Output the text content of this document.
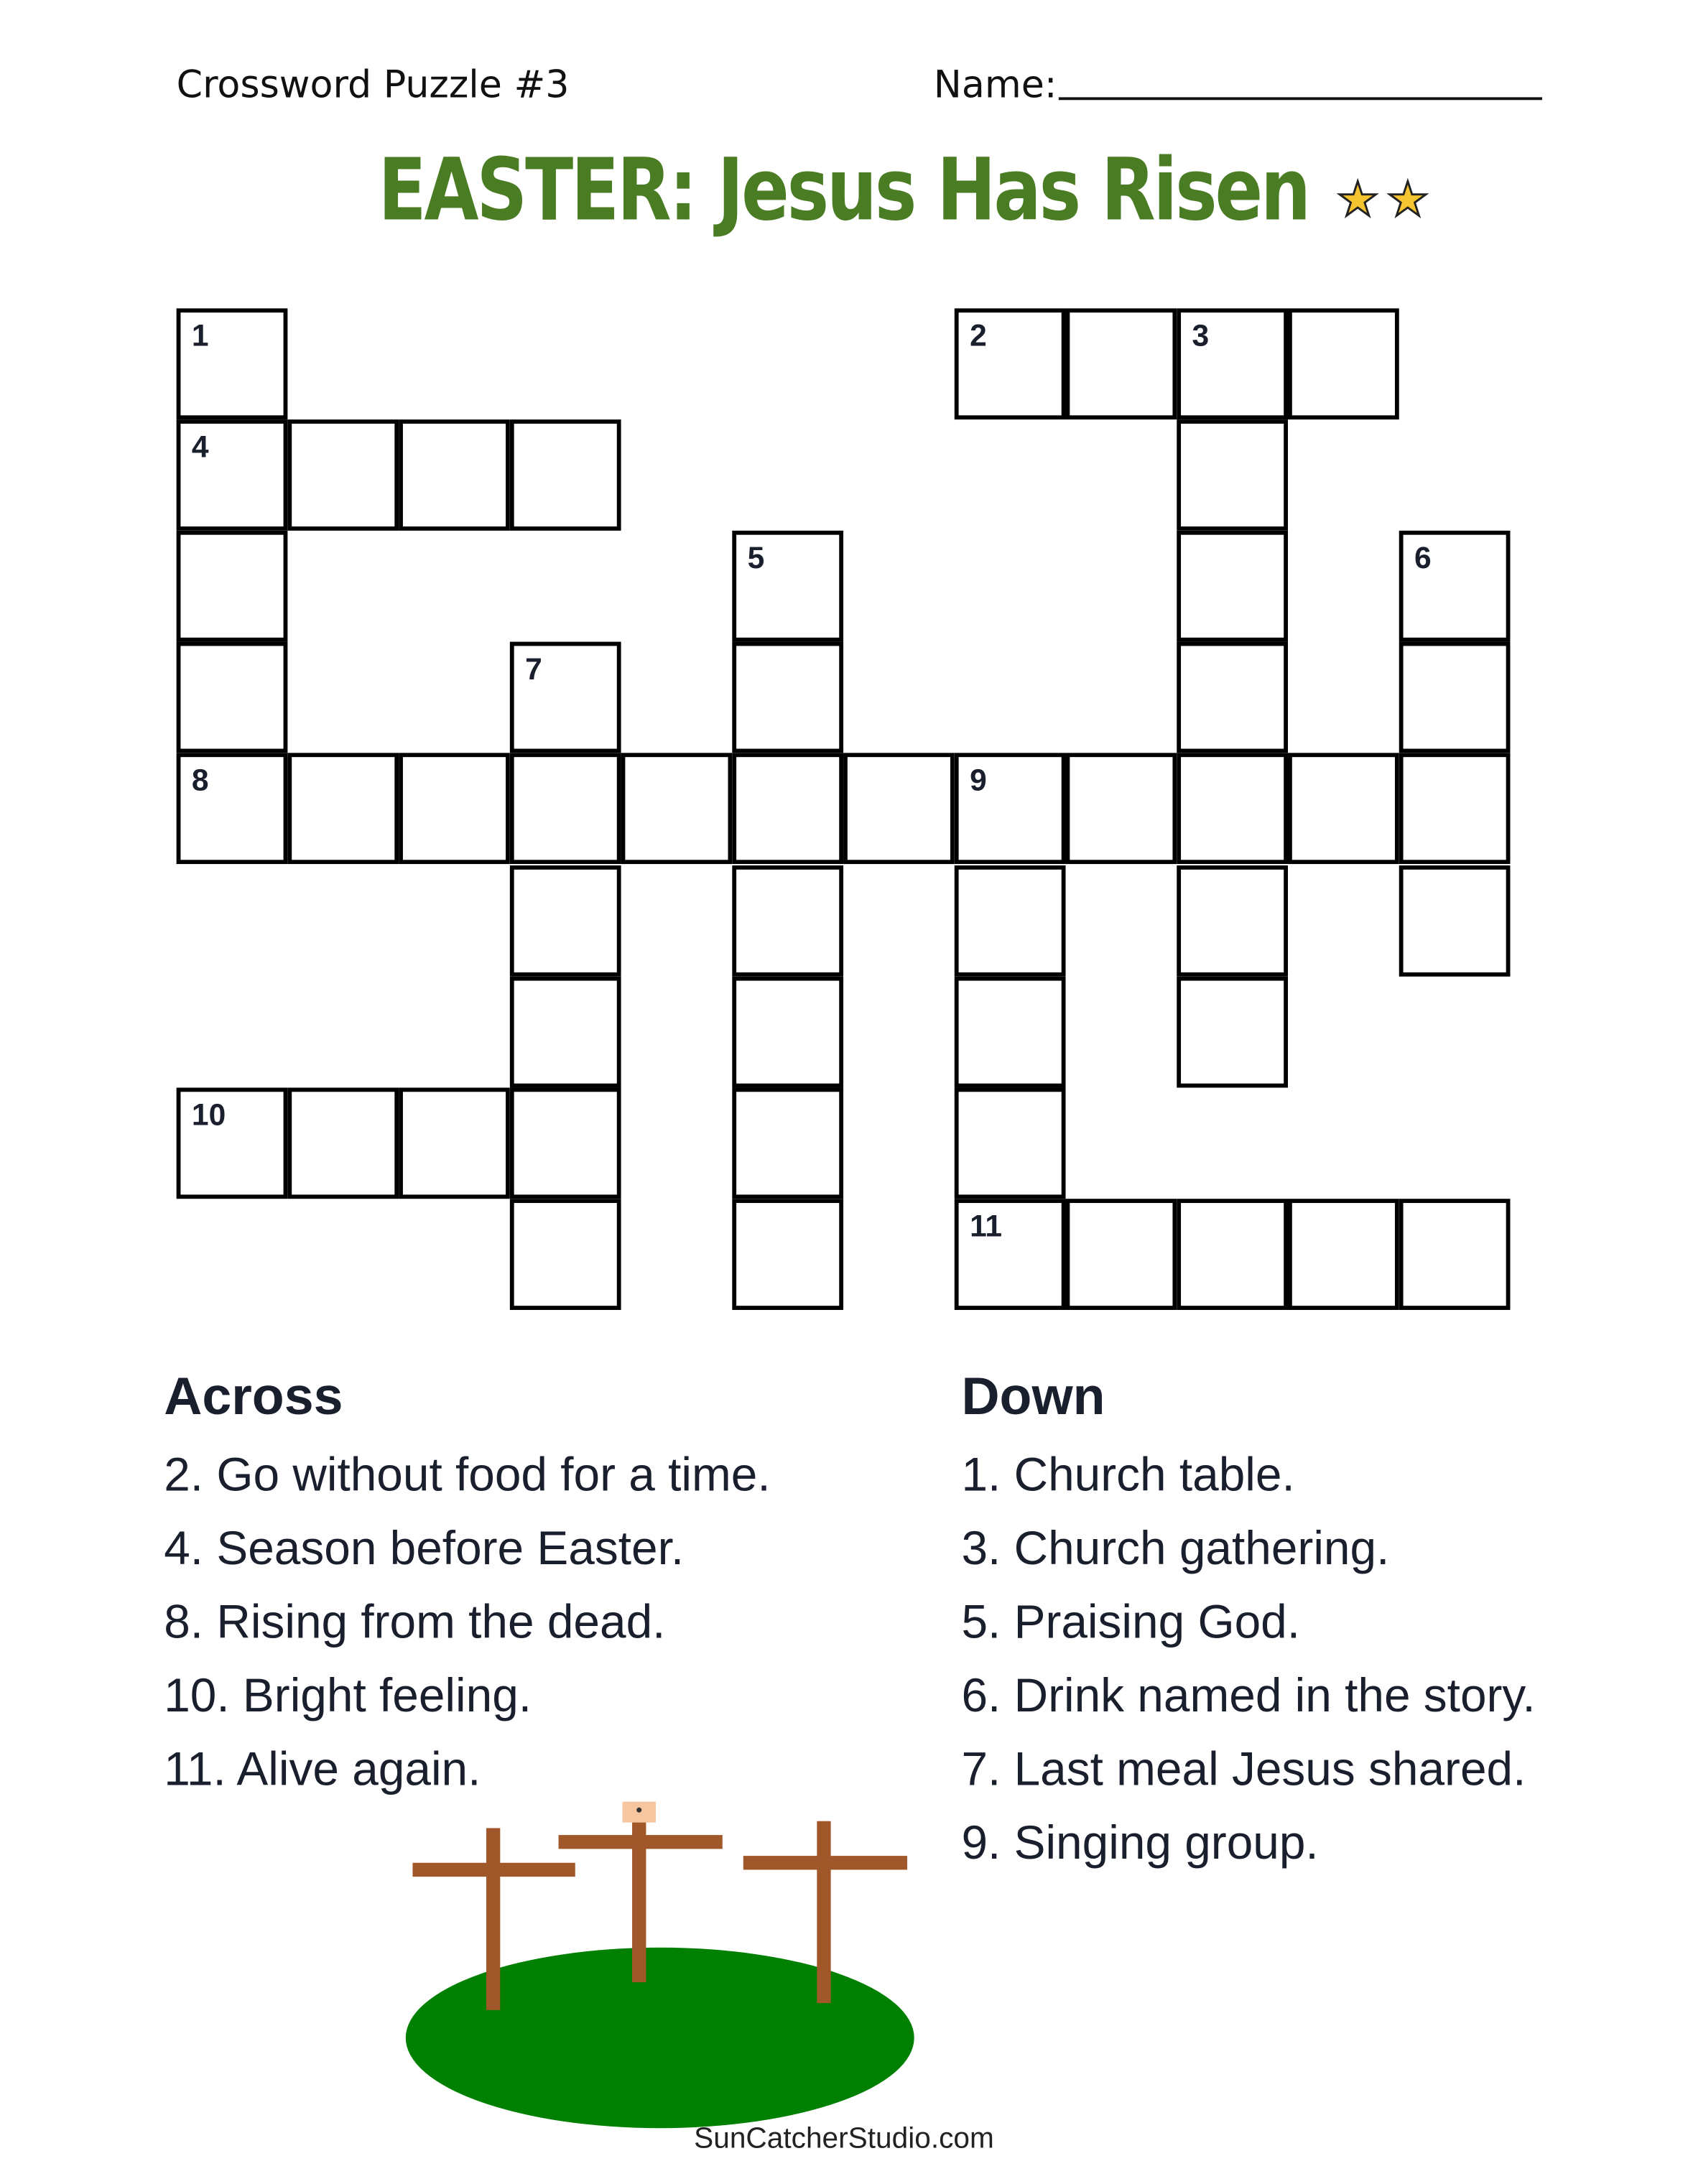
Crossword Puzzle #3	Name:
EASTER: Jesus Has Risen	★ ★
1	2	3
4
5	6
7
8	9
10
11
Across
2. Go without food for a time.
4. Season before Easter.
8. Rising from the dead.
10. Bright feeling.
11. Alive again.
Down
1. Church table.
3. Church gathering.
5. Praising God.
6. Drink named in the story.
7. Last meal Jesus shared.
9. Singing group.
SunCatcherStudio.com
